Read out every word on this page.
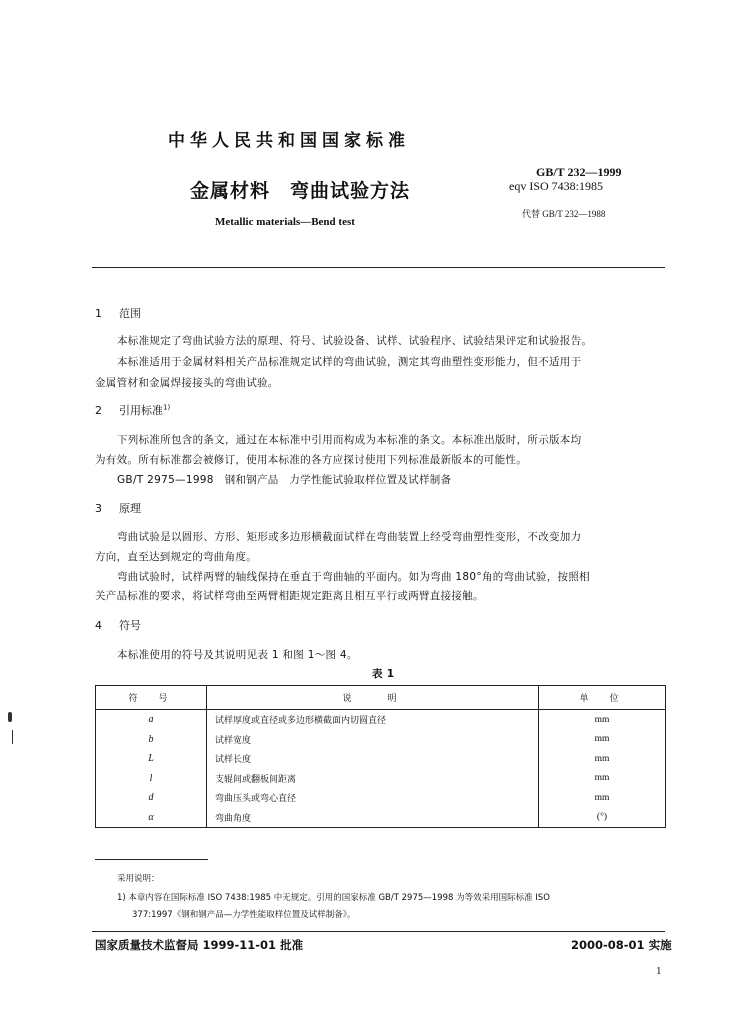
中华人民共和国国家标准
金属材料　弯曲试验方法
Metallic materials—Bend test
GB/T 232—1999
eqv ISO 7438:1985
代替 GB/T 232—1988
1 范围
本标准规定了弯曲试验方法的原理、符号、试验设备、试样、试验程序、试验结果评定和试验报告。
本标准适用于金属材料相关产品标准规定试样的弯曲试验，测定其弯曲塑性变形能力，但不适用于
金属管材和金属焊接接头的弯曲试验。
2 引用标准$^{1)}$
下列标准所包含的条文，通过在本标准中引用而构成为本标准的条文。本标准出版时，所示版本均
为有效。所有标准都会被修订，使用本标准的各方应探讨使用下列标准最新版本的可能性。
GB/T 2975—1998　钢和钢产品　力学性能试验取样位置及试样制备
3 原理
弯曲试验是以圆形、方形、矩形或多边形横截面试样在弯曲装置上经受弯曲塑性变形，不改变加力
方向，直至达到规定的弯曲角度。
弯曲试验时，试样两臂的轴线保持在垂直于弯曲轴的平面内。如为弯曲 180°角的弯曲试验，按照相
关产品标准的要求，将试样弯曲至两臂相距规定距离且相互平行或两臂直接接触。
4 符号
本标准使用的符号及其说明见表 1 和图 1～图 4。
表 1
符　号	说　　明	单　位
a	试样厚度或直径或多边形横截面内切圆直径	mm
b	试样宽度	mm
L	试样长度	mm
l	支辊间或翻板间距离	mm
d	弯曲压头或弯心直径	mm
α	弯曲角度	(°)
采用说明：
1) 本章内容在国际标准 ISO 7438:1985 中无规定。引用的国家标准 GB/T 2975—1998 为等效采用国际标准 ISO
377:1997《钢和钢产品—力学性能取样位置及试样制备》。
国家质量技术监督局 1999-11-01 批准	2000-08-01 实施
1
